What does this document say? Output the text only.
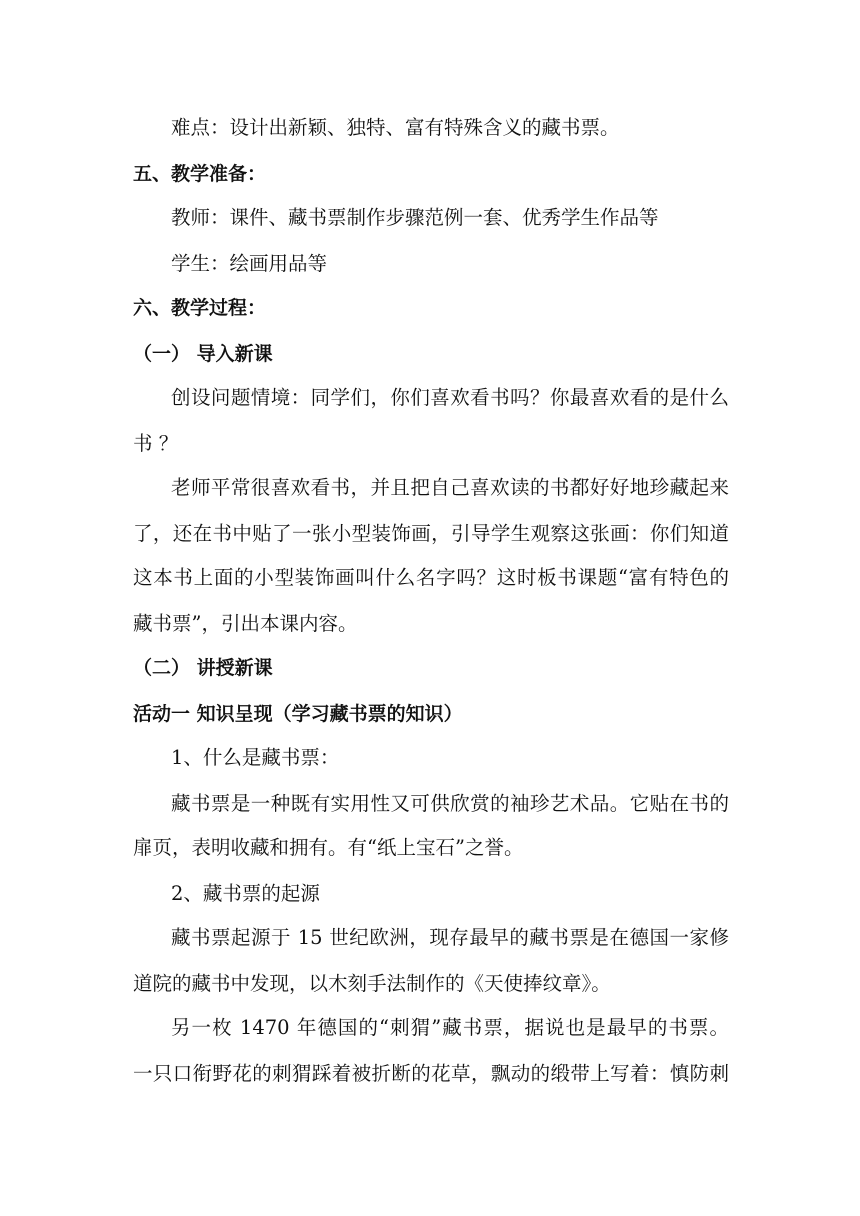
难点：设计出新颖、独特、富有特殊含义的藏书票。
五、教学准备：
教师：课件、藏书票制作步骤范例一套、优秀学生作品等
学生：绘画用品等
六、教学过程：
（一） 导入新课
创设问题情境：同学们，你们喜欢看书吗？你最喜欢看的是什么
书 ？
老师平常很喜欢看书，并且把自己喜欢读的书都好好地珍藏起来
了，还在书中贴了一张小型装饰画，引导学生观察这张画：你们知道
这本书上面的小型装饰画叫什么名字吗？这时板书课题“富有特色的
藏书票”，引出本课内容。
（二） 讲授新课
活动一 知识呈现（学习藏书票的知识）
1、什么是藏书票：
藏书票是一种既有实用性又可供欣赏的袖珍艺术品。它贴在书的
扉页，表明收藏和拥有。有“纸上宝石”之誉。
2、藏书票的起源
藏书票起源于 15 世纪欧洲，现存最早的藏书票是在德国一家修
道院的藏书中发现，以木刻手法制作的《天使捧纹章》。
另一枚 1470 年德国的“刺猬”藏书票，据说也是最早的书票。
一只口衔野花的刺猬踩着被折断的花草，飘动的缎带上写着：慎防刺
